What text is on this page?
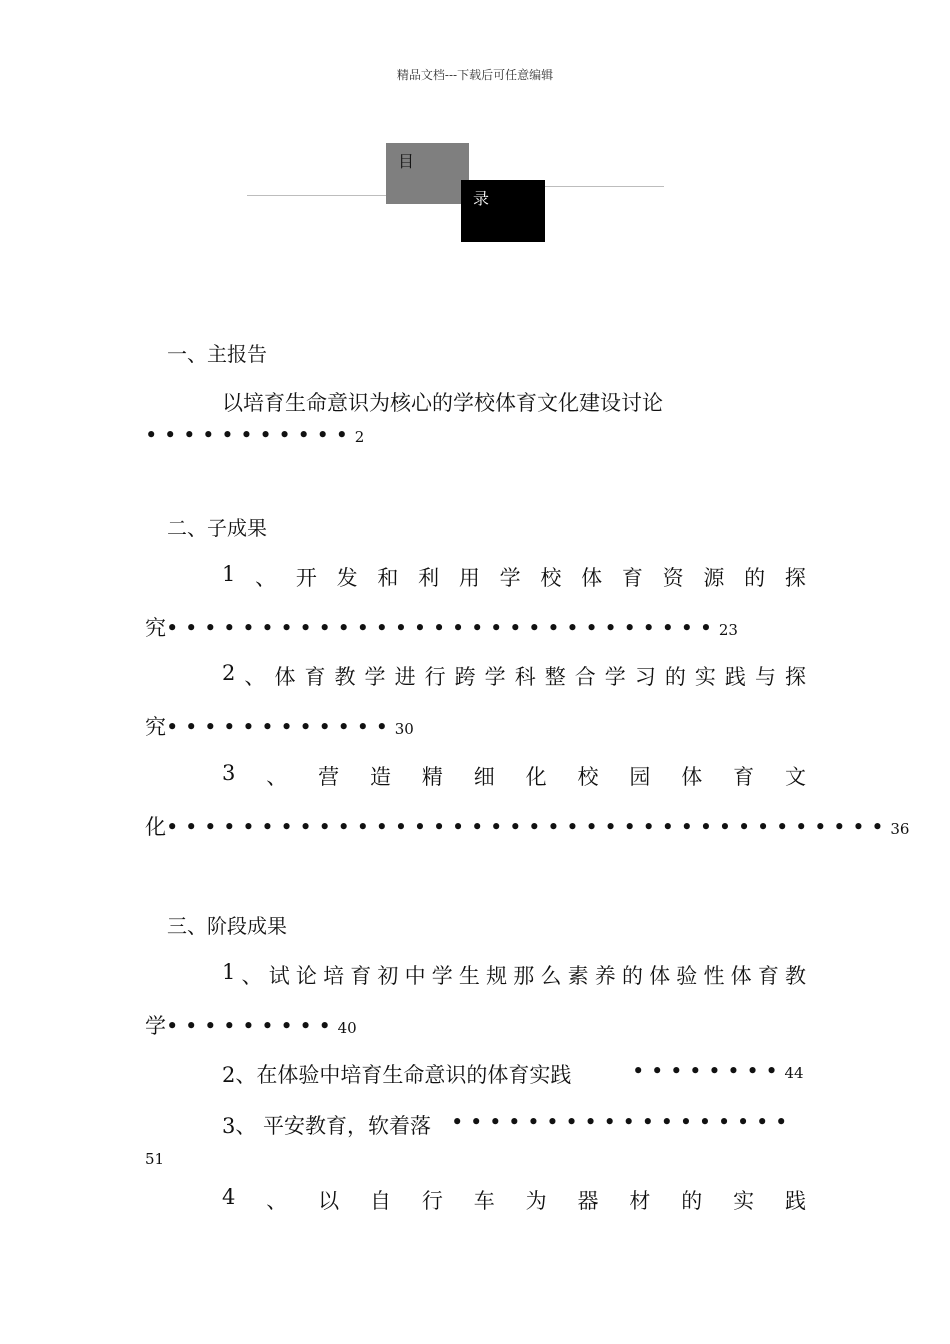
精品文档---下载后可任意编辑
目
录
一、主报告
以培育生命意识为核心的学校体育文化建设讨论
• • • • • • • • • • • 2
二、子成果
1 、 开 发 和 利 用 学 校 体 育 资 源 的 探
究• • • • • • • • • • • • • • • • • • • • • • • • • • • • • 23
2 、 体 育 教 学 进 行 跨 学 科 整 合 学 习 的 实 践 与 探
究• • • • • • • • • • • • 30
3 、 营 造 精 细 化 校 园 体 育 文
化• • • • • • • • • • • • • • • • • • • • • • • • • • • • • • • • • • • • • • 36
三、阶段成果
1 、 试 论 培 育 初 中 学 生 规 那 么 素 养 的 体 验 性 体 育 教
学• • • • • • • • • 40
2、在体验中培育生命意识的体育实践	• • • • • • • • 44
3、 平安教育，软着落 • • • • • • • • • • • • • • • • • •
51
4 、 以 自 行 车 为 器 材 的 实 践
